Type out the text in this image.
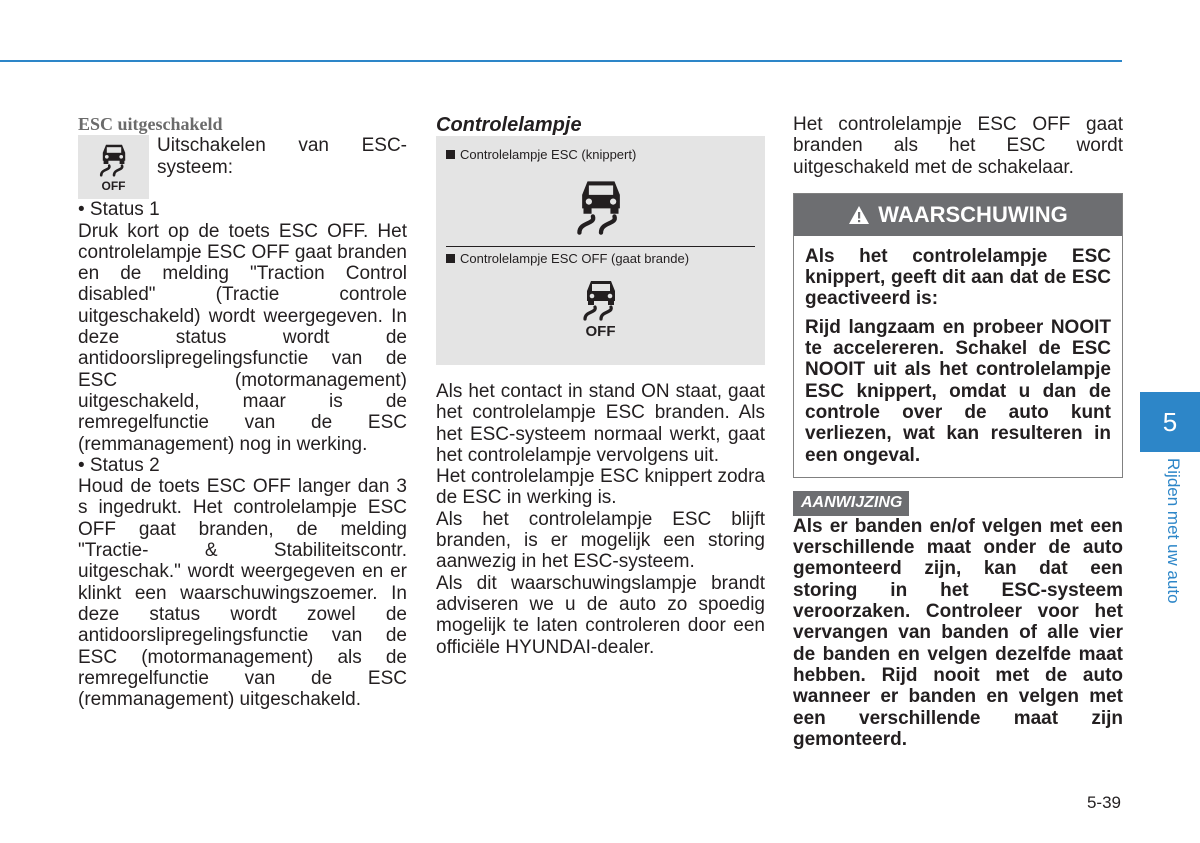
ESC uitgeschakeld

OFF

Uitschakelen van ESC-systeem:

• Status 1

Druk kort op de toets ESC OFF. Het controlelampje ESC OFF gaat branden en de melding "Traction Control disabled" (Tractie controle uitgeschakeld) wordt weergegeven. In deze status wordt de antidoorslipregelingsfunctie van de ESC (motormanagement) uitgeschakeld, maar is de remregelfunctie van de ESC (remmanagement) nog in werking.

• Status 2

Houd de toets ESC OFF langer dan 3 s ingedrukt. Het controlelampje ESC OFF gaat branden, de melding "Tractie- & Stabiliteitscontr. uitgeschak." wordt weergegeven en er klinkt een waarschuwingszoemer. In deze status wordt zowel de antidoorslipregelingsfunctie van de ESC (motormanagement) als de remregelfunctie van de ESC (remmanagement) uitgeschakeld.

Controlelampje

Controlelampje ESC (knippert)
Controlelampje ESC OFF (gaat brande)
OFF

Als het contact in stand ON staat, gaat het controlelampje ESC branden. Als het ESC-systeem normaal werkt, gaat het controlelampje vervolgens uit.

Het controlelampje ESC knippert zodra de ESC in werking is.

Als het controlelampje ESC blijft branden, is er mogelijk een storing aanwezig in het ESC-systeem.

Als dit waarschuwingslampje brandt adviseren we u de auto zo spoedig mogelijk te laten controleren door een officiële HYUNDAI-dealer.

Het controlelampje ESC OFF gaat branden als het ESC wordt uitgeschakeld met de schakelaar.

WAARSCHUWING

Als het controlelampje ESC knippert, geeft dit aan dat de ESC geactiveerd is:

Rijd langzaam en probeer NOOIT te accelereren. Schakel de ESC NOOIT uit als het controlelampje ESC knippert, omdat u dan de controle over de auto kunt verliezen, wat kan resulteren in een ongeval.

AANWIJZING

Als er banden en/of velgen met een verschillende maat onder de auto gemonteerd zijn, kan dat een storing in het ESC-systeem veroorzaken. Controleer voor het vervangen van banden of alle vier de banden en velgen dezelfde maat hebben. Rijd nooit met de auto wanneer er banden en velgen met een verschillende maat zijn gemonteerd.

5
Rijden met uw auto
5-39
